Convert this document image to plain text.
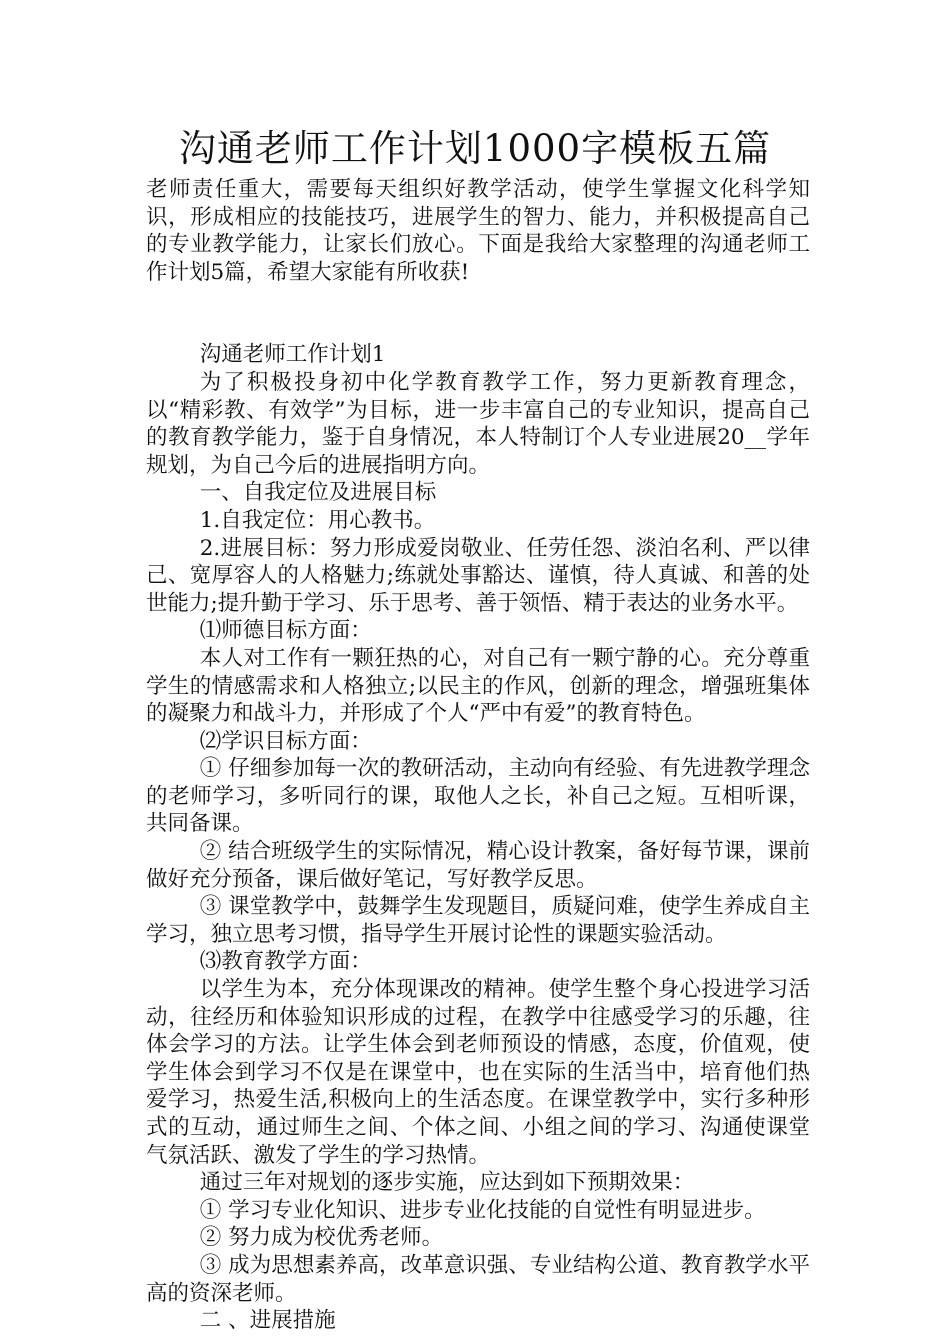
沟通老师工作计划1000字模板五篇

老师责任重大，需要每天组织好教学活动，使学生掌握文化科学知识，形成相应的技能技巧，进展学生的智力、能力，并积极提高自己的专业教学能力，让家长们放心。下面是我给大家整理的沟通老师工作计划5篇，希望大家能有所收获!

沟通老师工作计划1

为了积极投身初中化学教育教学工作，努力更新教育理念，以“精彩教、有效学”为目标，进一步丰富自己的专业知识，提高自己的教育教学能力，鉴于自身情况，本人特制订个人专业进展20__学年规划，为自己今后的进展指明方向。

一、自我定位及进展目标

1.自我定位：用心教书。

2.进展目标：努力形成爱岗敬业、任劳任怨、淡泊名利、严以律己、宽厚容人的人格魅力;练就处事豁达、谨慎，待人真诚、和善的处世能力;提升勤于学习、乐于思考、善于领悟、精于表达的业务水平。

⑴师德目标方面：

本人对工作有一颗狂热的心，对自己有一颗宁静的心。充分尊重学生的情感需求和人格独立;以民主的作风，创新的理念，增强班集体的凝聚力和战斗力，并形成了个人“严中有爱”的教育特色。

⑵学识目标方面：

① 仔细参加每一次的教研活动，主动向有经验、有先进教学理念的老师学习，多听同行的课，取他人之长，补自己之短。互相听课，共同备课。

② 结合班级学生的实际情况，精心设计教案，备好每节课，课前做好充分预备，课后做好笔记，写好教学反思。

③ 课堂教学中，鼓舞学生发现题目，质疑问难，使学生养成自主学习，独立思考习惯，指导学生开展讨论性的课题实验活动。

⑶教育教学方面：

以学生为本，充分体现课改的精神。使学生整个身心投进学习活动，往经历和体验知识形成的过程，在教学中往感受学习的乐趣，往体会学习的方法。让学生体会到老师预设的情感，态度，价值观，使学生体会到学习不仅是在课堂中，也在实际的生活当中，培育他们热爱学习，热爱生活,积极向上的生活态度。在课堂教学中，实行多种形式的互动，通过师生之间、个体之间、小组之间的学习、沟通使课堂气氛活跃、激发了学生的学习热情。

通过三年对规划的逐步实施，应达到如下预期效果：

① 学习专业化知识、进步专业化技能的自觉性有明显进步。

② 努力成为校优秀老师。

③ 成为思想素养高，改革意识强、专业结构公道、教育教学水平高的资深老师。

二 、进展措施
